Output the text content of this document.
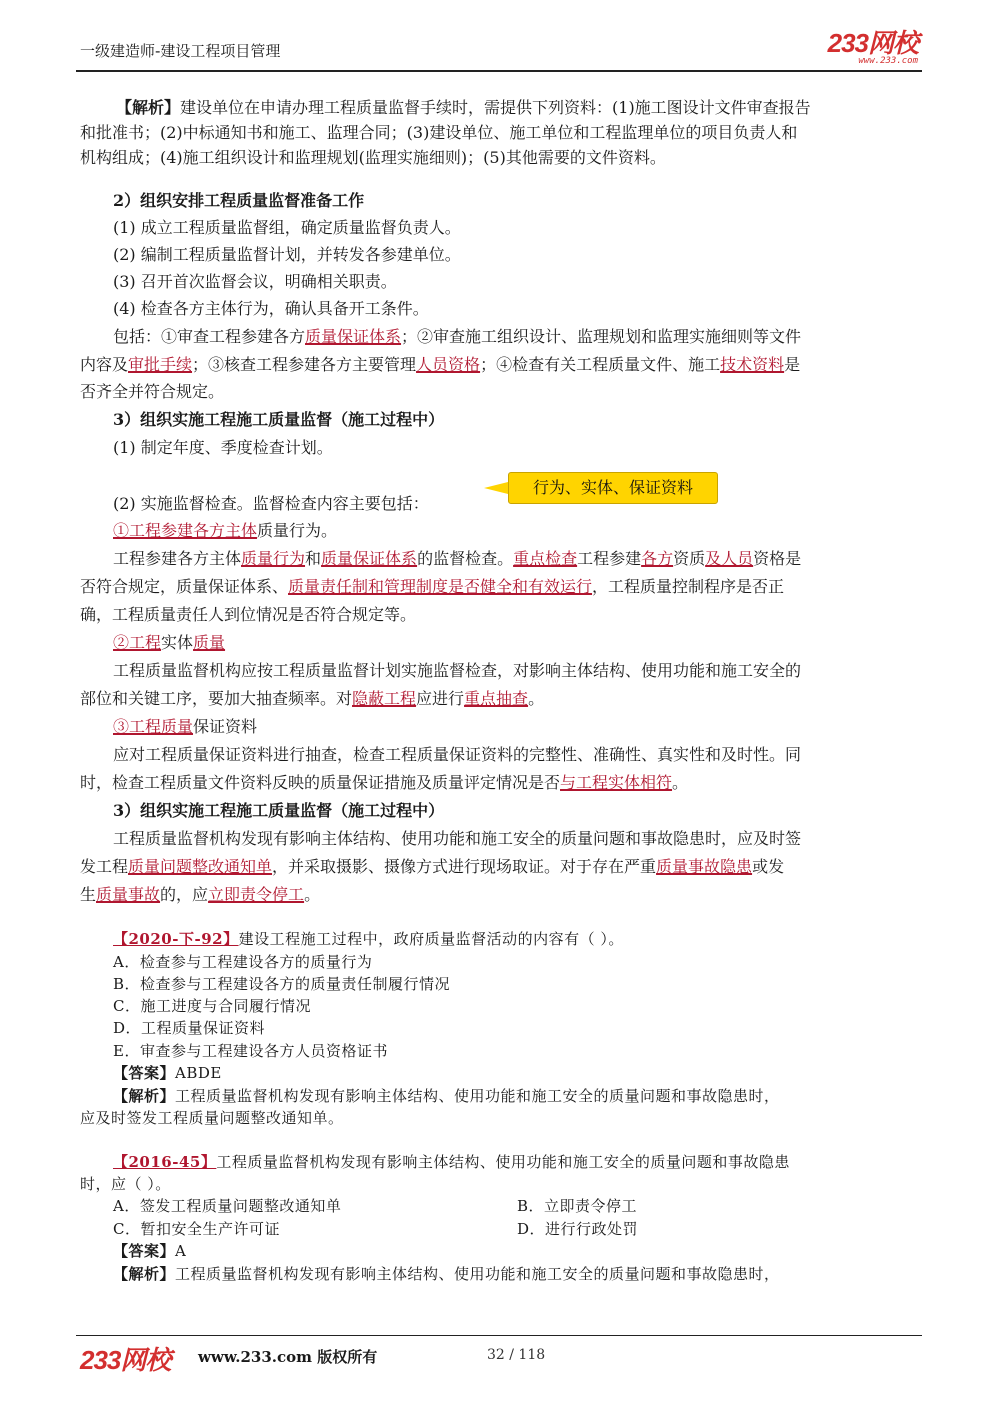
一级建造师-建设工程项目管理	233网校
www.233.com
【解析】建设单位在申请办理工程质量监督手续时，需提供下列资料：(1)施工图设计文件审查报告
和批准书；(2)中标通知书和施工、监理合同；(3)建设单位、施工单位和工程监理单位的项目负责人和
机构组成；(4)施工组织设计和监理规划(监理实施细则)；(5)其他需要的文件资料。
2）组织安排工程质量监督准备工作
(1) 成立工程质量监督组，确定质量监督负责人。
(2) 编制工程质量监督计划，并转发各参建单位。
(3) 召开首次监督会议，明确相关职责。
(4) 检查各方主体行为，确认具备开工条件。
包括：①审查工程参建各方质量保证体系；②审查施工组织设计、监理规划和监理实施细则等文件
内容及审批手续；③核查工程参建各方主要管理人员资格；④检查有关工程质量文件、施工技术资料是
否齐全并符合规定。
3）组织实施工程施工质量监督（施工过程中）
(1) 制定年度、季度检查计划。
行为、实体、保证资料
(2) 实施监督检查。监督检查内容主要包括：
①工程参建各方主体质量行为。
工程参建各方主体质量行为和质量保证体系的监督检查。重点检查工程参建各方资质及人员资格是
否符合规定，质量保证体系、质量责任制和管理制度是否健全和有效运行，工程质量控制程序是否正
确，工程质量责任人到位情况是否符合规定等。
②工程实体质量
工程质量监督机构应按工程质量监督计划实施监督检查，对影响主体结构、使用功能和施工安全的
部位和关键工序，要加大抽查频率。对隐蔽工程应进行重点抽查。
③工程质量保证资料
应对工程质量保证资料进行抽查，检查工程质量保证资料的完整性、准确性、真实性和及时性。同
时，检查工程质量文件资料反映的质量保证措施及质量评定情况是否与工程实体相符。
3）组织实施工程施工质量监督（施工过程中）
工程质量监督机构发现有影响主体结构、使用功能和施工安全的质量问题和事故隐患时，应及时签
发工程质量问题整改通知单，并采取摄影、摄像方式进行现场取证。对于存在严重质量事故隐患或发
生质量事故的，应立即责令停工。
【2020-下-92】建设工程施工过程中，政府质量监督活动的内容有（ ）。
A．检查参与工程建设各方的质量行为
B．检查参与工程建设各方的质量责任制履行情况
C．施工进度与合同履行情况
D．工程质量保证资料
E．审查参与工程建设各方人员资格证书
【答案】ABDE
【解析】工程质量监督机构发现有影响主体结构、使用功能和施工安全的质量问题和事故隐患时，
应及时签发工程质量问题整改通知单。
【2016-45】工程质量监督机构发现有影响主体结构、使用功能和施工安全的质量问题和事故隐患
时，应（ ）。
A．签发工程质量问题整改通知单	B．立即责令停工
C．暂扣安全生产许可证	D．进行行政处罚
【答案】A
【解析】工程质量监督机构发现有影响主体结构、使用功能和施工安全的质量问题和事故隐患时，
233网校 www.233.com 版权所有	32 / 118
